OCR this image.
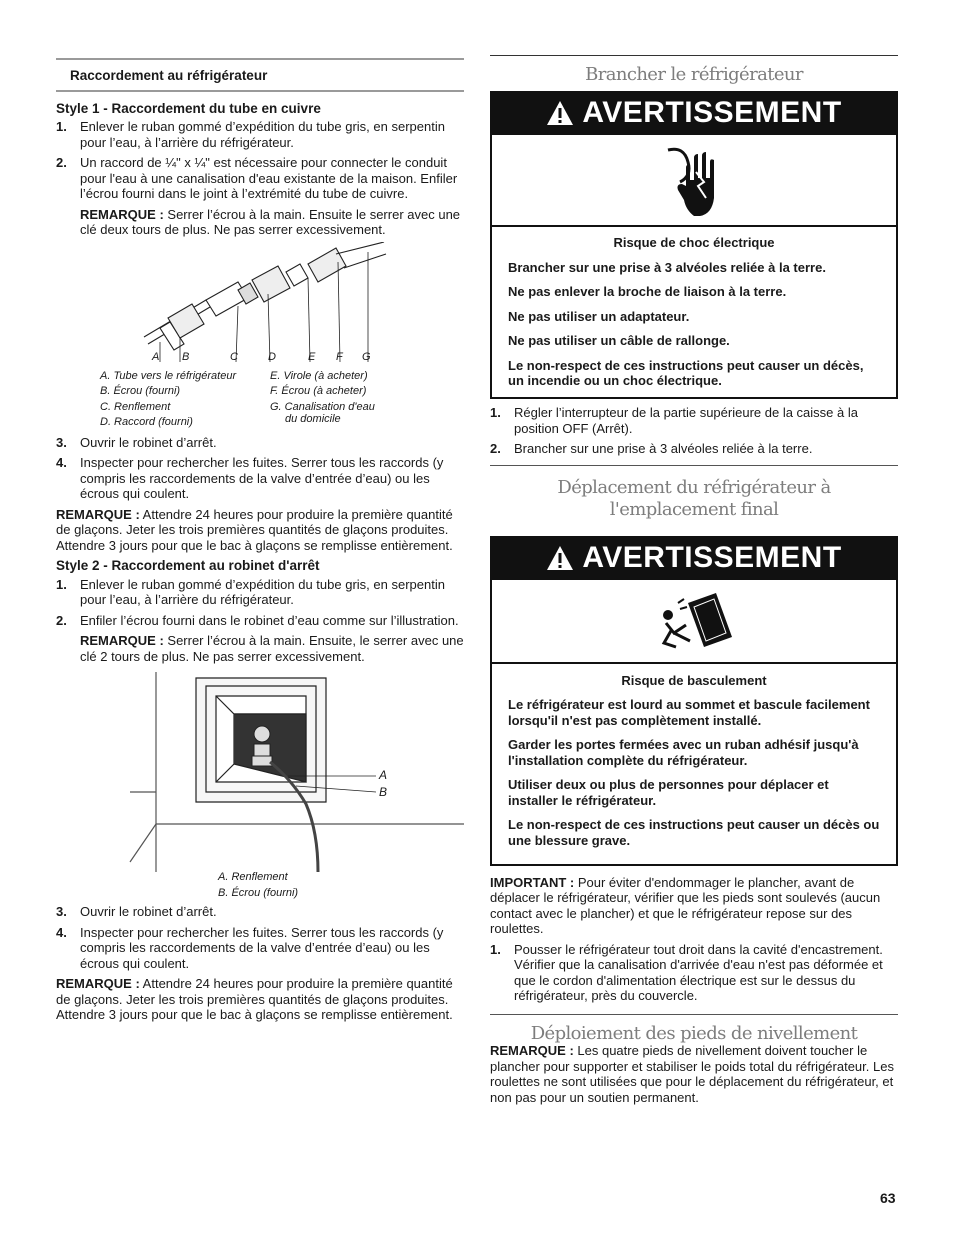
Raccordement au réfrigérateur
Style 1 - Raccordement du tube en cuivre
1. Enlever le ruban gommé d’expédition du tube gris, en serpentin pour l’eau, à l’arrière du réfrigérateur.
2. Un raccord de ¼" x ¼" est nécessaire pour connecter le conduit pour l'eau à une canalisation d'eau existante de la maison. Enfiler l’écrou fourni dans le joint à l’extrémité du tube de cuivre.
REMARQUE : Serrer l’écrou à la main. Ensuite le serrer avec une clé deux tours de plus. Ne pas serrer excessivement.
A B	C	D	E F G
A. Tube vers le réfrigérateur
B. Écrou (fourni)
C. Renflement
D. Raccord (fourni)
E. Virole (à acheter)
F. Écrou (à acheter)
G. Canalisation d'eau
du domicile
3. Ouvrir le robinet d’arrêt.
4. Inspecter pour rechercher les fuites. Serrer tous les raccords (y compris les raccordements de la valve d’entrée d’eau) ou les écrous qui coulent.
REMARQUE : Attendre 24 heures pour produire la première quantité de glaçons. Jeter les trois premières quantités de glaçons produites. Attendre 3 jours pour que le bac à glaçons se remplisse entièrement.
Style 2 - Raccordement au robinet d'arrêt
1. Enlever le ruban gommé d’expédition du tube gris, en serpentin pour l’eau, à l’arrière du réfrigérateur.
2. Enfiler l’écrou fourni dans le robinet d’eau comme sur l’illustration.
REMARQUE : Serrer l’écrou à la main. Ensuite, le serrer avec une clé 2 tours de plus. Ne pas serrer excessivement.
A
B
A. Renflement
B. Écrou (fourni)
3. Ouvrir le robinet d’arrêt.
4. Inspecter pour rechercher les fuites. Serrer tous les raccords (y compris les raccordements de la valve d’entrée d’eau) ou les écrous qui coulent.
REMARQUE : Attendre 24 heures pour produire la première quantité de glaçons. Jeter les trois premières quantités de glaçons produites. Attendre 3 jours pour que le bac à glaçons se remplisse entièrement.
Brancher le réfrigérateur
AVERTISSEMENT

Risque de choc électrique

Brancher sur une prise à 3 alvéoles reliée à la terre.

Ne pas enlever la broche de liaison à la terre.

Ne pas utiliser un adaptateur.

Ne pas utiliser un câble de rallonge.

Le non-respect de ces instructions peut causer un décès, un incendie ou un choc électrique.

1. Régler l’interrupteur de la partie supérieure de la caisse à la position OFF (Arrêt).
2. Brancher sur une prise à 3 alvéoles reliée à la terre.
Déplacement du réfrigérateur à
l'emplacement final
AVERTISSEMENT

Risque de basculement

Le réfrigérateur est lourd au sommet et bascule facilement lorsqu'il n'est pas complètement installé.

Garder les portes fermées avec un ruban adhésif jusqu'à l'installation complète du réfrigérateur.

Utiliser deux ou plus de personnes pour déplacer et installer le réfrigérateur.

Le non-respect de ces instructions peut causer un décès ou une blessure grave.

IMPORTANT : Pour éviter d'endommager le plancher, avant de déplacer le réfrigérateur, vérifier que les pieds sont soulevés (aucun contact avec le plancher) et que le réfrigérateur repose sur des roulettes.
1. Pousser le réfrigérateur tout droit dans la cavité d'encastrement. Vérifier que la canalisation d'arrivée d'eau n'est pas déformée et que le cordon d'alimentation électrique est sur le dessus du réfrigérateur, près du couvercle.
Déploiement des pieds de nivellement
REMARQUE : Les quatre pieds de nivellement doivent toucher le plancher pour supporter et stabiliser le poids total du réfrigérateur. Les roulettes ne sont utilisées que pour le déplacement du réfrigérateur, et non pas pour un soutien permanent.
63
